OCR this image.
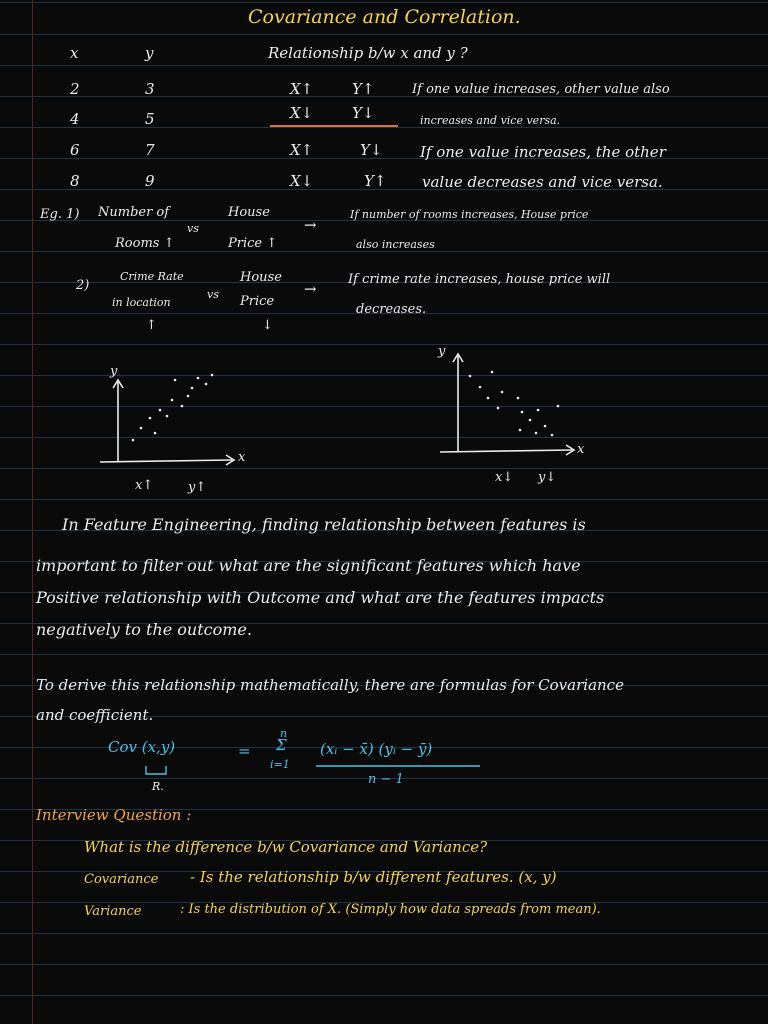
Covariance and Correlation.
x	y
2	3
4	5
6	7
8	9
Relationship b/w x and y ?
X↑	Y↑
X↓	Y↓
X↑	Y↓
X↓	Y↑
If one value increases, other value also
increases and vice versa.
If one value increases, the other
value decreases and vice versa.
Eg. 1) Number of
vs
Rooms ↑
House
Price ↑
→
If number of rooms increases, House price
also increases
2)
Crime Rate
in location
↑
vs
House
Price
↓
→
If crime rate increases, house price will
decreases.
y
x
x↑	y↑
y
x
x↓ y↓
In Feature Engineering, finding relationship between features is
important to filter out what are the significant features which have
Positive relationship with Outcome and what are the features impacts
negatively to the outcome.
To derive this relationship mathematically, there are formulas for Covariance
and coefficient.
Cov (x,y)
R.
=
n
Σ
i=1
(xᵢ − x̄) (yᵢ − ȳ)
n − 1
Interview Question :
What is the difference b/w Covariance and Variance?
Covariance - Is the relationship b/w different features. (x, y)
Variance	: Is the distribution of X. (Simply how data spreads from mean).
